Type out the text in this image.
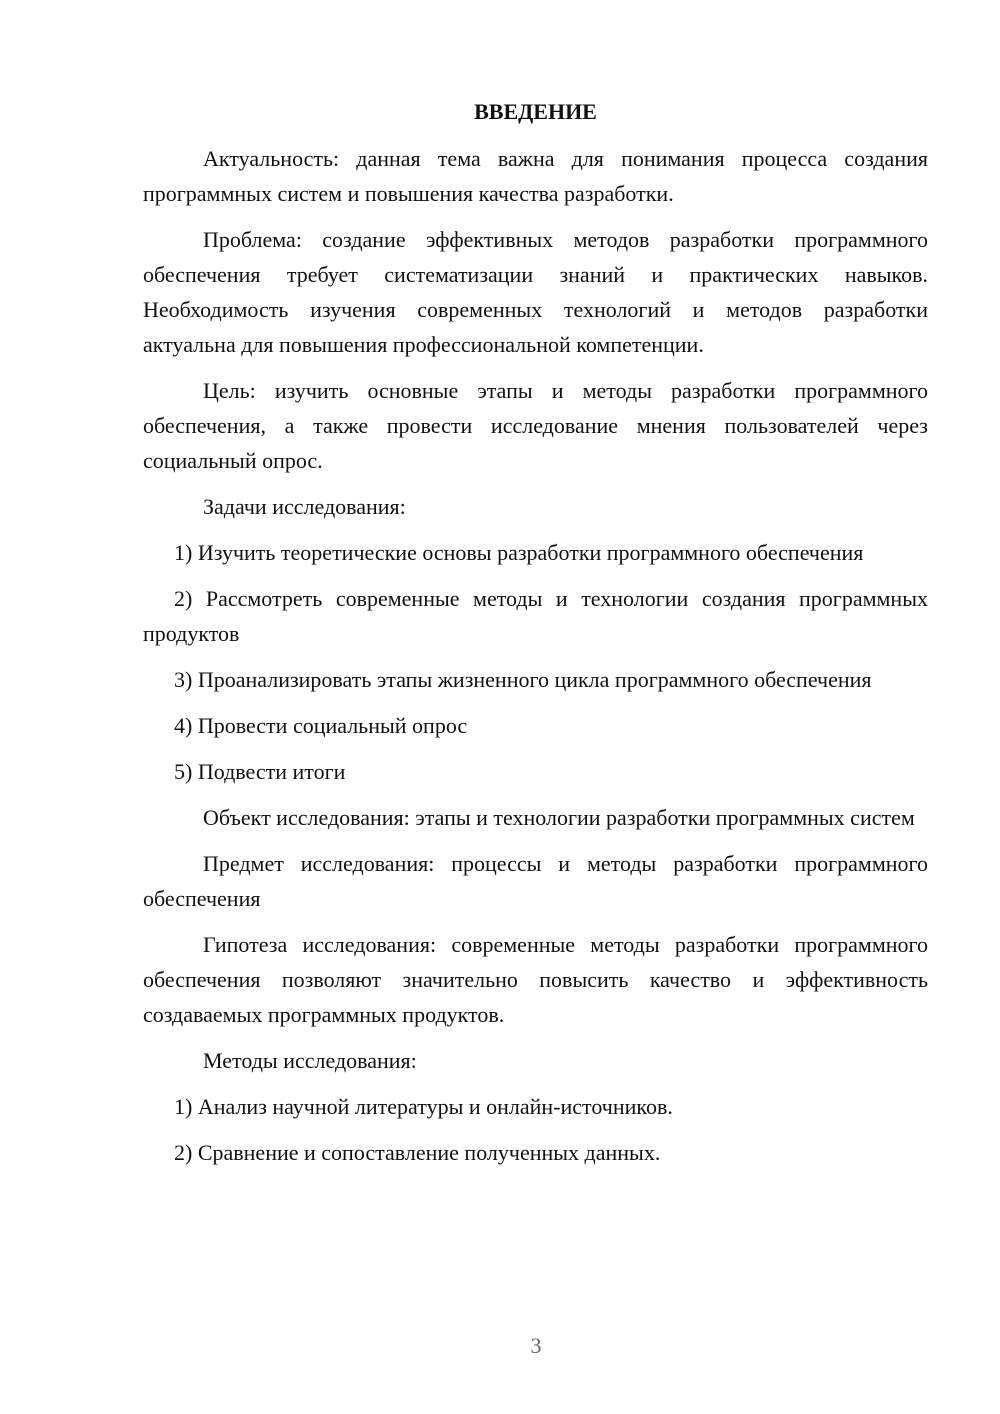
ВВЕДЕНИЕ

Актуальность: данная тема важна для понимания процесса создания программных систем и повышения качества разработки.

Проблема: создание эффективных методов разработки программного обеспечения требует систематизации знаний и практических навыков. Необходимость изучения современных технологий и методов разработки актуальна для повышения профессиональной компетенции.

Цель: изучить основные этапы и методы разработки программного обеспечения, а также провести исследование мнения пользователей через социальный опрос.

Задачи исследования:

1) Изучить теоретические основы разработки программного обеспечения

2) Рассмотреть современные методы и технологии создания программных продуктов

3) Проанализировать этапы жизненного цикла программного обеспечения

4) Провести социальный опрос

5) Подвести итоги

Объект исследования: этапы и технологии разработки программных систем

Предмет исследования: процессы и методы разработки программного обеспечения

Гипотеза исследования: современные методы разработки программного обеспечения позволяют значительно повысить качество и эффективность создаваемых программных продуктов.

Методы исследования:

1) Анализ научной литературы и онлайн-источников.

2) Сравнение и сопоставление полученных данных.

3
